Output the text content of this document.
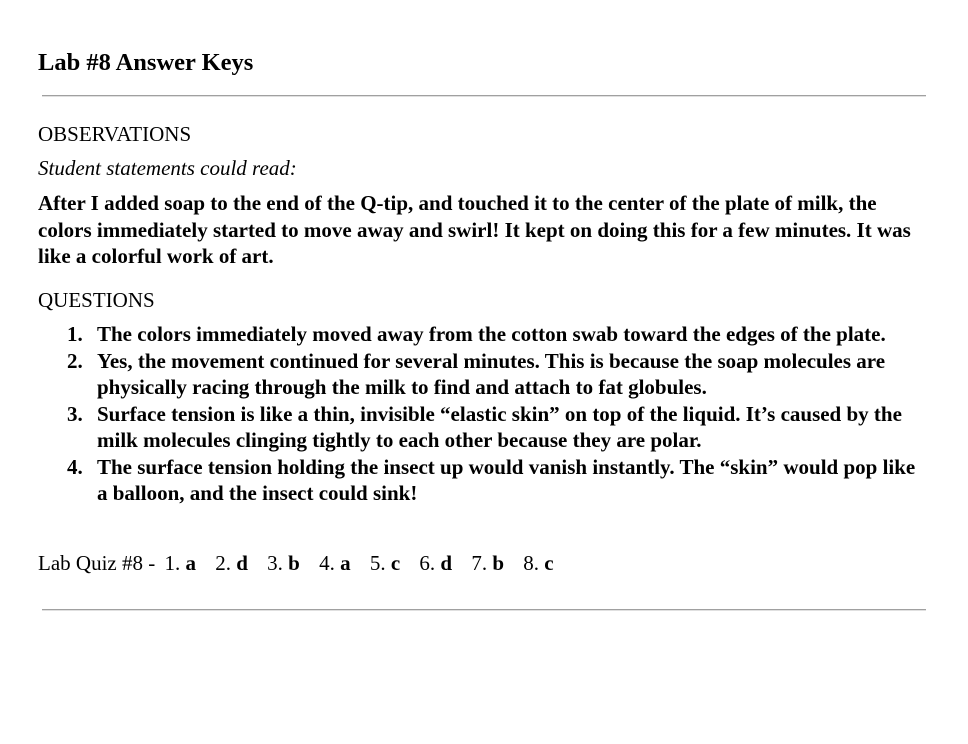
Lab #8 Answer Keys
OBSERVATIONS
Student statements could read:
After I added soap to the end of the Q-tip, and touched it to the center of the plate of milk, the colors immediately started to move away and swirl! It kept on doing this for a few minutes. It was like a colorful work of art.
QUESTIONS
1. The colors immediately moved away from the cotton swab toward the edges of the plate.
2. Yes, the movement continued for several minutes. This is because the soap molecules are physically racing through the milk to find and attach to fat globules.
3. Surface tension is like a thin, invisible “elastic skin” on top of the liquid. It’s caused by the milk molecules clinging tightly to each other because they are polar.
4. The surface tension holding the insect up would vanish instantly. The “skin” would pop like a balloon, and the insect could sink!
Lab Quiz #8 - 1. a 2. d 3. b 4. a 5. c 6. d 7. b 8. c
